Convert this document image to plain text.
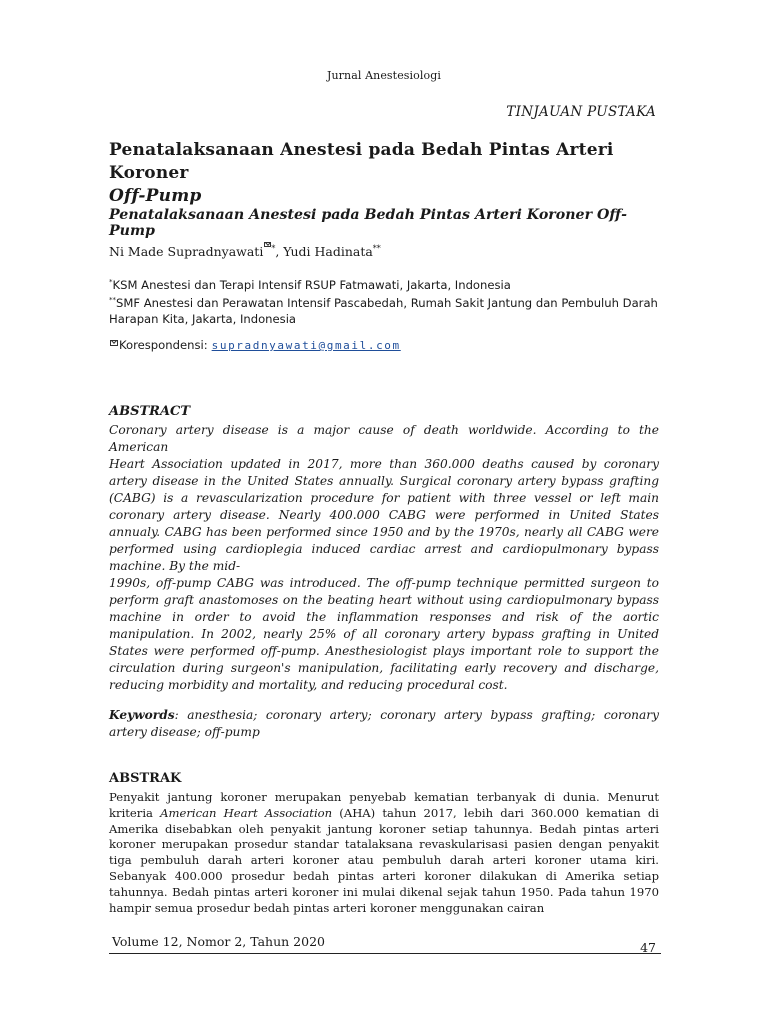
Jurnal Anestesiologi
TINJAUAN PUSTAKA
Penatalaksanaan Anestesi pada Bedah Pintas Arteri Koroner
Off-Pump
Penatalaksanaan Anestesi pada Bedah Pintas Arteri Koroner Off-Pump
Ni Made Supradnyawati *, Yudi Hadinata**
*KSM Anestesi dan Terapi Intensif RSUP Fatmawati, Jakarta, Indonesia
**SMF Anestesi dan Perawatan Intensif Pascabedah, Rumah Sakit Jantung dan Pembuluh Darah Harapan Kita, Jakarta, Indonesia
Korespondensi: supradnyawati@gmail.com
ABSTRACT

Coronary artery disease is a major cause of death worldwide. According to the American

Heart Association updated in 2017, more than 360.000 deaths caused by coronary artery disease in the United States annually. Surgical coronary artery bypass grafting (CABG) is a revascularization procedure for patient with three vessel or left main coronary artery disease. Nearly 400.000 CABG were performed in United States annualy. CABG has been performed since 1950 and by the 1970s, nearly all CABG were performed using cardioplegia induced cardiac arrest and cardiopulmonary bypass machine. By the mid-

1990s, off-pump CABG was introduced. The off-pump technique permitted surgeon to perform graft anastomoses on the beating heart without using cardiopulmonary bypass machine in order to avoid the inflammation responses and risk of the aortic manipulation. In 2002, nearly 25% of all coronary artery bypass grafting in United States were performed off-pump. Anesthesiologist plays important role to support the circulation during surgeon's manipulation, facilitating early recovery and discharge, reducing morbidity and mortality, and reducing procedural cost.

Keywords: anesthesia; coronary artery; coronary artery bypass grafting; coronary artery disease; off-pump
ABSTRAK
Penyakit jantung koroner merupakan penyebab kematian terbanyak di dunia. Menurut kriteria American Heart Association (AHA) tahun 2017, lebih dari 360.000 kematian di Amerika disebabkan oleh penyakit jantung koroner setiap tahunnya. Bedah pintas arteri koroner merupakan prosedur standar tatalaksana revaskularisasi pasien dengan penyakit tiga pembuluh darah arteri koroner atau pembuluh darah arteri koroner utama kiri. Sebanyak 400.000 prosedur bedah pintas arteri koroner dilakukan di Amerika setiap tahunnya. Bedah pintas arteri koroner ini mulai dikenal sejak tahun 1950. Pada tahun 1970 hampir semua prosedur bedah pintas arteri koroner menggunakan cairan
Volume 12, Nomor 2, Tahun 2020	47
